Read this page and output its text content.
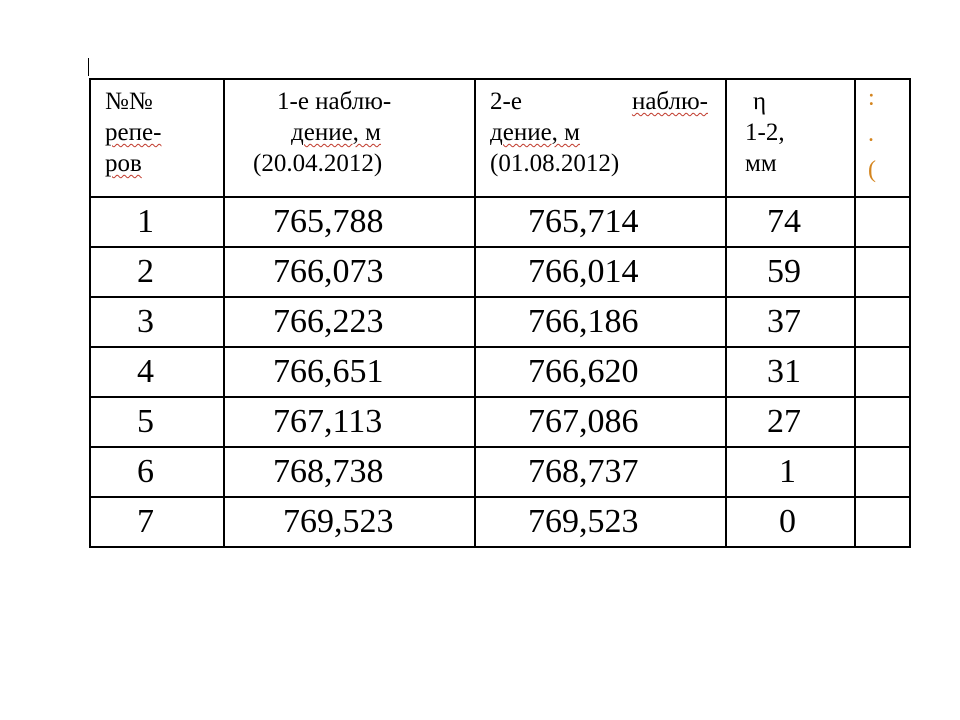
№№
репе-
ров	1-е наблю-
дение, м
(20.04.2012)	2-е наблю-
дение, м
(01.08.2012)	η
1-2,
мм	:
.
(

1	765,788	765,714	74	
2	766,073	766,014	59	
3	766,223	766,186	37	
4	766,651	766,620	31	
5	767,113	767,086	27	
6	768,738	768,737	1	
7	769,523	769,523	0	
